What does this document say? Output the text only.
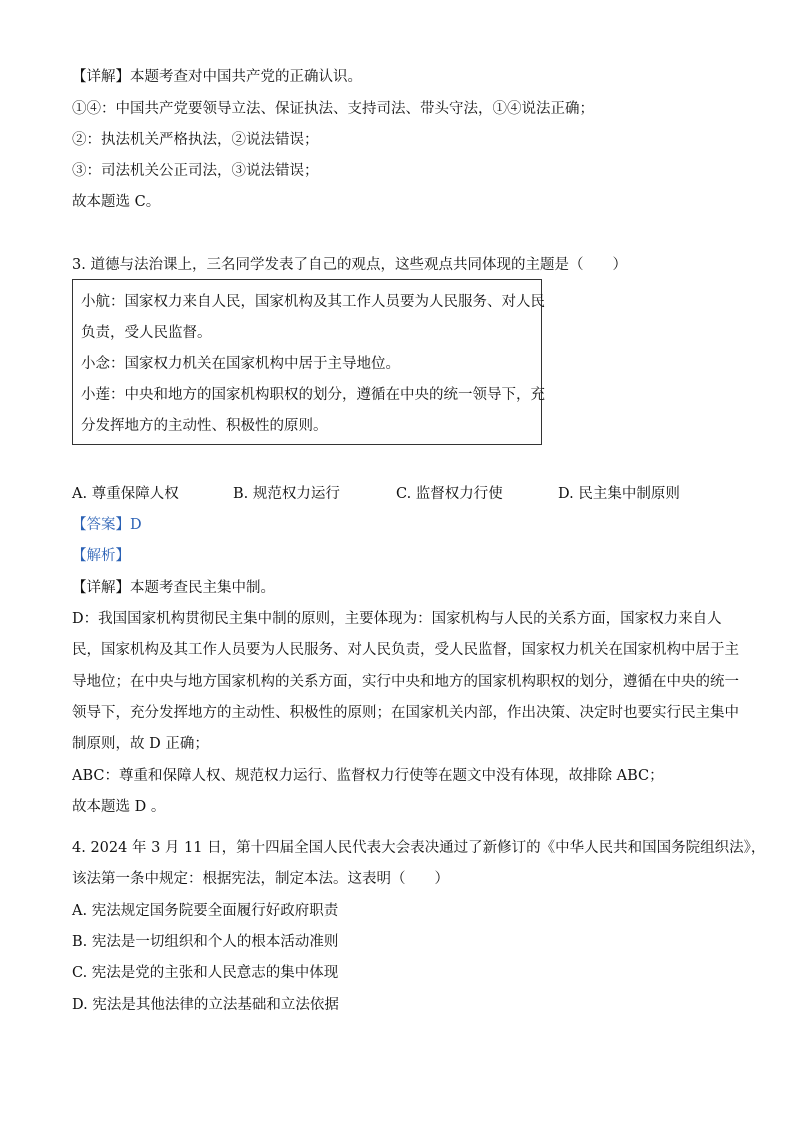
【详解】本题考查对中国共产党的正确认识。
①④：中国共产党要领导立法、保证执法、支持司法、带头守法，①④说法正确；
②：执法机关严格执法，②说法错误；
③：司法机关公正司法，③说法错误；
故本题选 C。
3. 道德与法治课上，三名同学发表了自己的观点，这些观点共同体现的主题是（　　）
小航：国家权力来自人民，国家机构及其工作人员要为人民服务、对人民
负责，受人民监督。
小念：国家权力机关在国家机构中居于主导地位。
小莲：中央和地方的国家机构职权的划分，遵循在中央的统一领导下，充
分发挥地方的主动性、积极性的原则。
A. 尊重保障人权	B. 规范权力运行	C. 监督权力行使	D. 民主集中制原则
【答案】D
【解析】
【详解】本题考查民主集中制。
D：我国国家机构贯彻民主集中制的原则，主要体现为：国家机构与人民的关系方面，国家权力来自人
民，国家机构及其工作人员要为人民服务、对人民负责，受人民监督，国家权力机关在国家机构中居于主
导地位；在中央与地方国家机构的关系方面，实行中央和地方的国家机构职权的划分，遵循在中央的统一
领导下，充分发挥地方的主动性、积极性的原则；在国家机关内部，作出决策、决定时也要实行民主集中
制原则，故 D 正确；
ABC：尊重和保障人权、规范权力运行、监督权力行使等在题文中没有体现，故排除 ABC；
故本题选 D 。
4. 2024 年 3 月 11 日，第十四届全国人民代表大会表决通过了新修订的《中华人民共和国国务院组织法》，
该法第一条中规定：根据宪法，制定本法。这表明（　　）
A. 宪法规定国务院要全面履行好政府职责
B. 宪法是一切组织和个人的根本活动准则
C. 宪法是党的主张和人民意志的集中体现
D. 宪法是其他法律的立法基础和立法依据
